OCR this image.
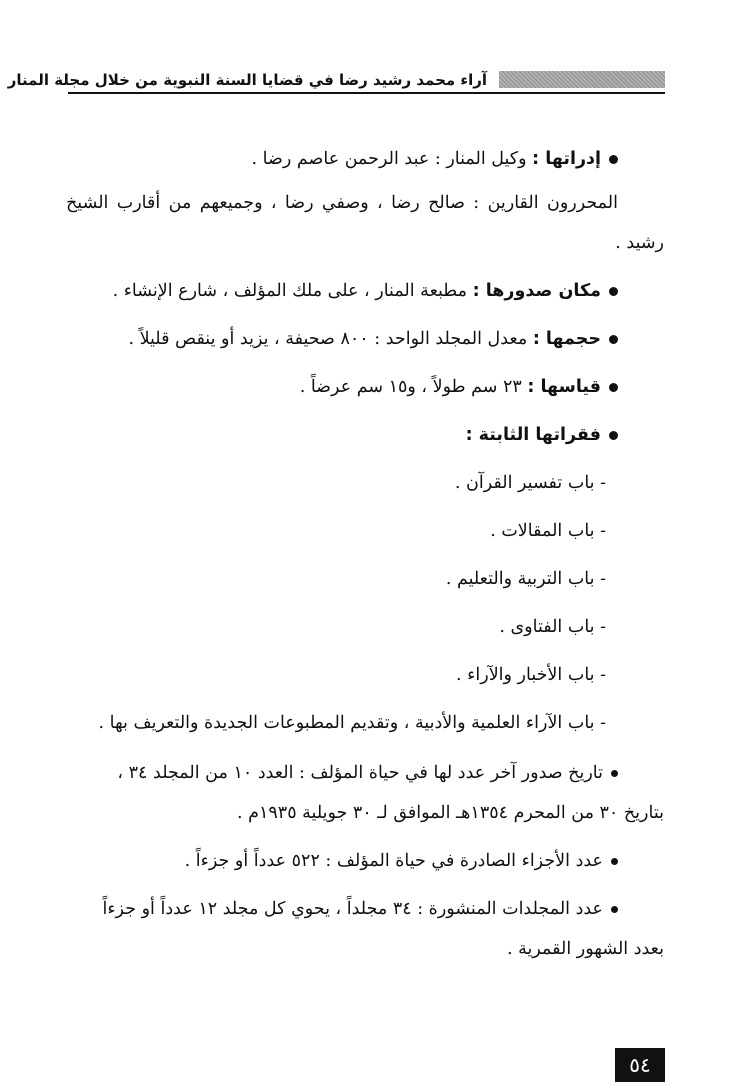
آراء محمد رشيد رضا في قضايا السنة النبوية من خلال مجلة المنار
إدراتها : وكيل المنار : عبد الرحمن عاصم رضا .
المحررون القارين : صالح رضا ، وصفي رضا ، وجميعهم من أقارب الشيخ
رشيد .
مكان صدورها : مطبعة المنار ، على ملك المؤلف ، شارع الإنشاء .
حجمها : معدل المجلد الواحد : ٨٠٠ صحيفة ، يزيد أو ينقص قليلاً .
قياسها : ٢٣ سم طولاً ، و١٥ سم عرضاً .
فقراتها الثابتة :
- باب تفسير القرآن .
- باب المقالات .
- باب التربية والتعليم .
- باب الفتاوى .
- باب الأخبار والآراء .
- باب الآراء العلمية والأدبية ، وتقديم المطبوعات الجديدة والتعريف بها .
تاريخ صدور آخر عدد لها في حياة المؤلف : العدد ١٠ من المجلد ٣٤ ،
بتاريخ ٣٠ من المحرم ١٣٥٤هـ الموافق لـ ٣٠ جويلية ١٩٣٥م .
عدد الأجزاء الصادرة في حياة المؤلف : ٥٢٢ عدداً أو جزءاً .
عدد المجلدات المنشورة : ٣٤ مجلداً ، يحوي كل مجلد ١٢ عدداً أو جزءاً
بعدد الشهور القمرية .
٥٤
